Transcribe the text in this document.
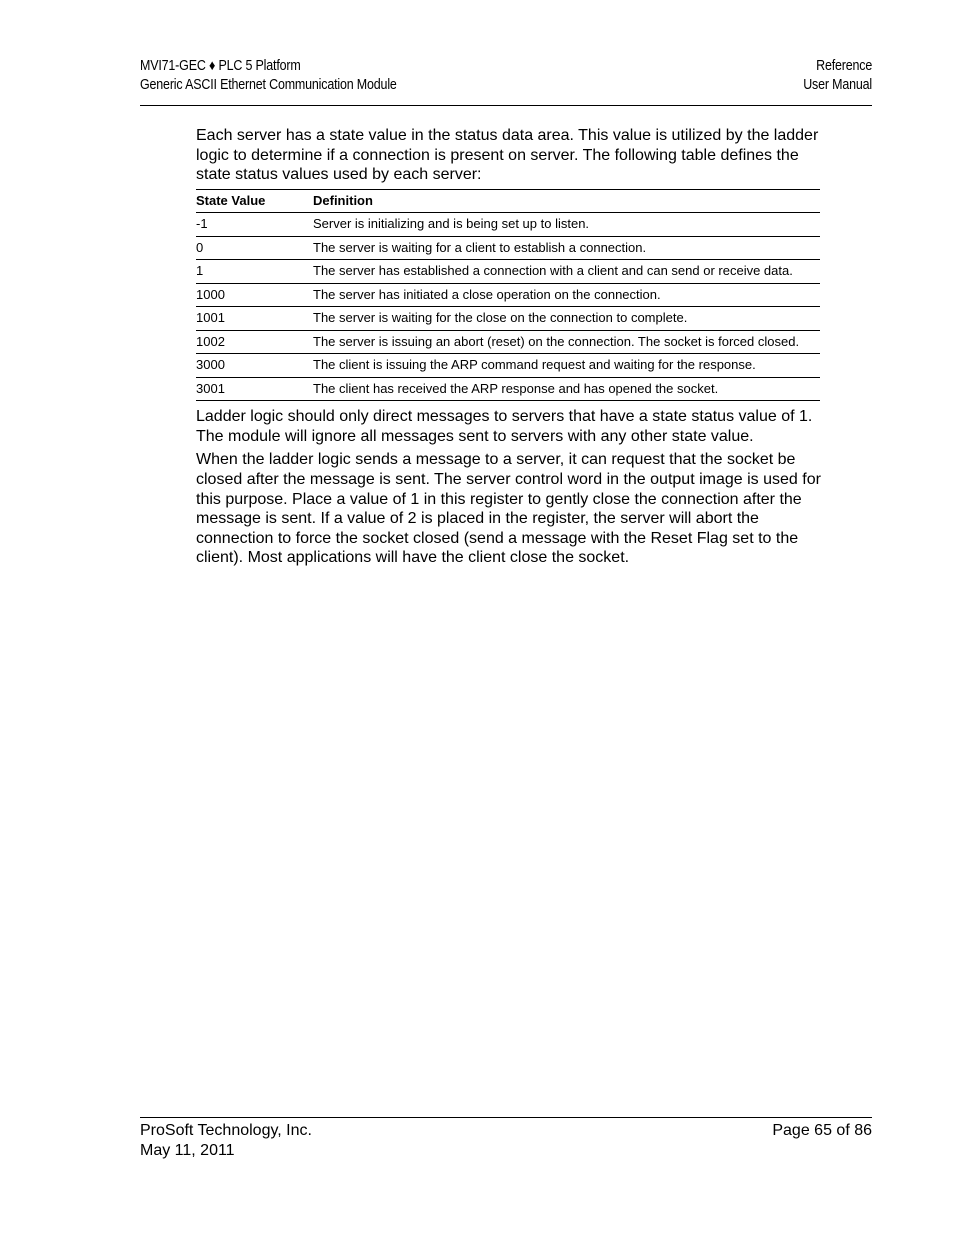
MVI71-GEC ♦ PLC 5 Platform	Reference
Generic ASCII Ethernet Communication Module	User Manual

Each server has a state value in the status data area. This value is utilized by the ladder logic to determine if a connection is present on server. The following table defines the state status values used by each server:

State Value	Definition
-1	Server is initializing and is being set up to listen.
0	The server is waiting for a client to establish a connection.
1	The server has established a connection with a client and can send or receive data.
1000	The server has initiated a close operation on the connection.
1001	The server is waiting for the close on the connection to complete.
1002	The server is issuing an abort (reset) on the connection. The socket is forced closed.
3000	The client is issuing the ARP command request and waiting for the response.
3001	The client has received the ARP response and has opened the socket.

Ladder logic should only direct messages to servers that have a state status value of 1. The module will ignore all messages sent to servers with any other state value.

When the ladder logic sends a message to a server, it can request that the socket be closed after the message is sent. The server control word in the output image is used for this purpose. Place a value of 1 in this register to gently close the connection after the message is sent. If a value of 2 is placed in the register, the server will abort the connection to force the socket closed (send a message with the Reset Flag set to the client). Most applications will have the client close the socket.

ProSoft Technology, Inc.	Page 65 of 86
May 11, 2011
